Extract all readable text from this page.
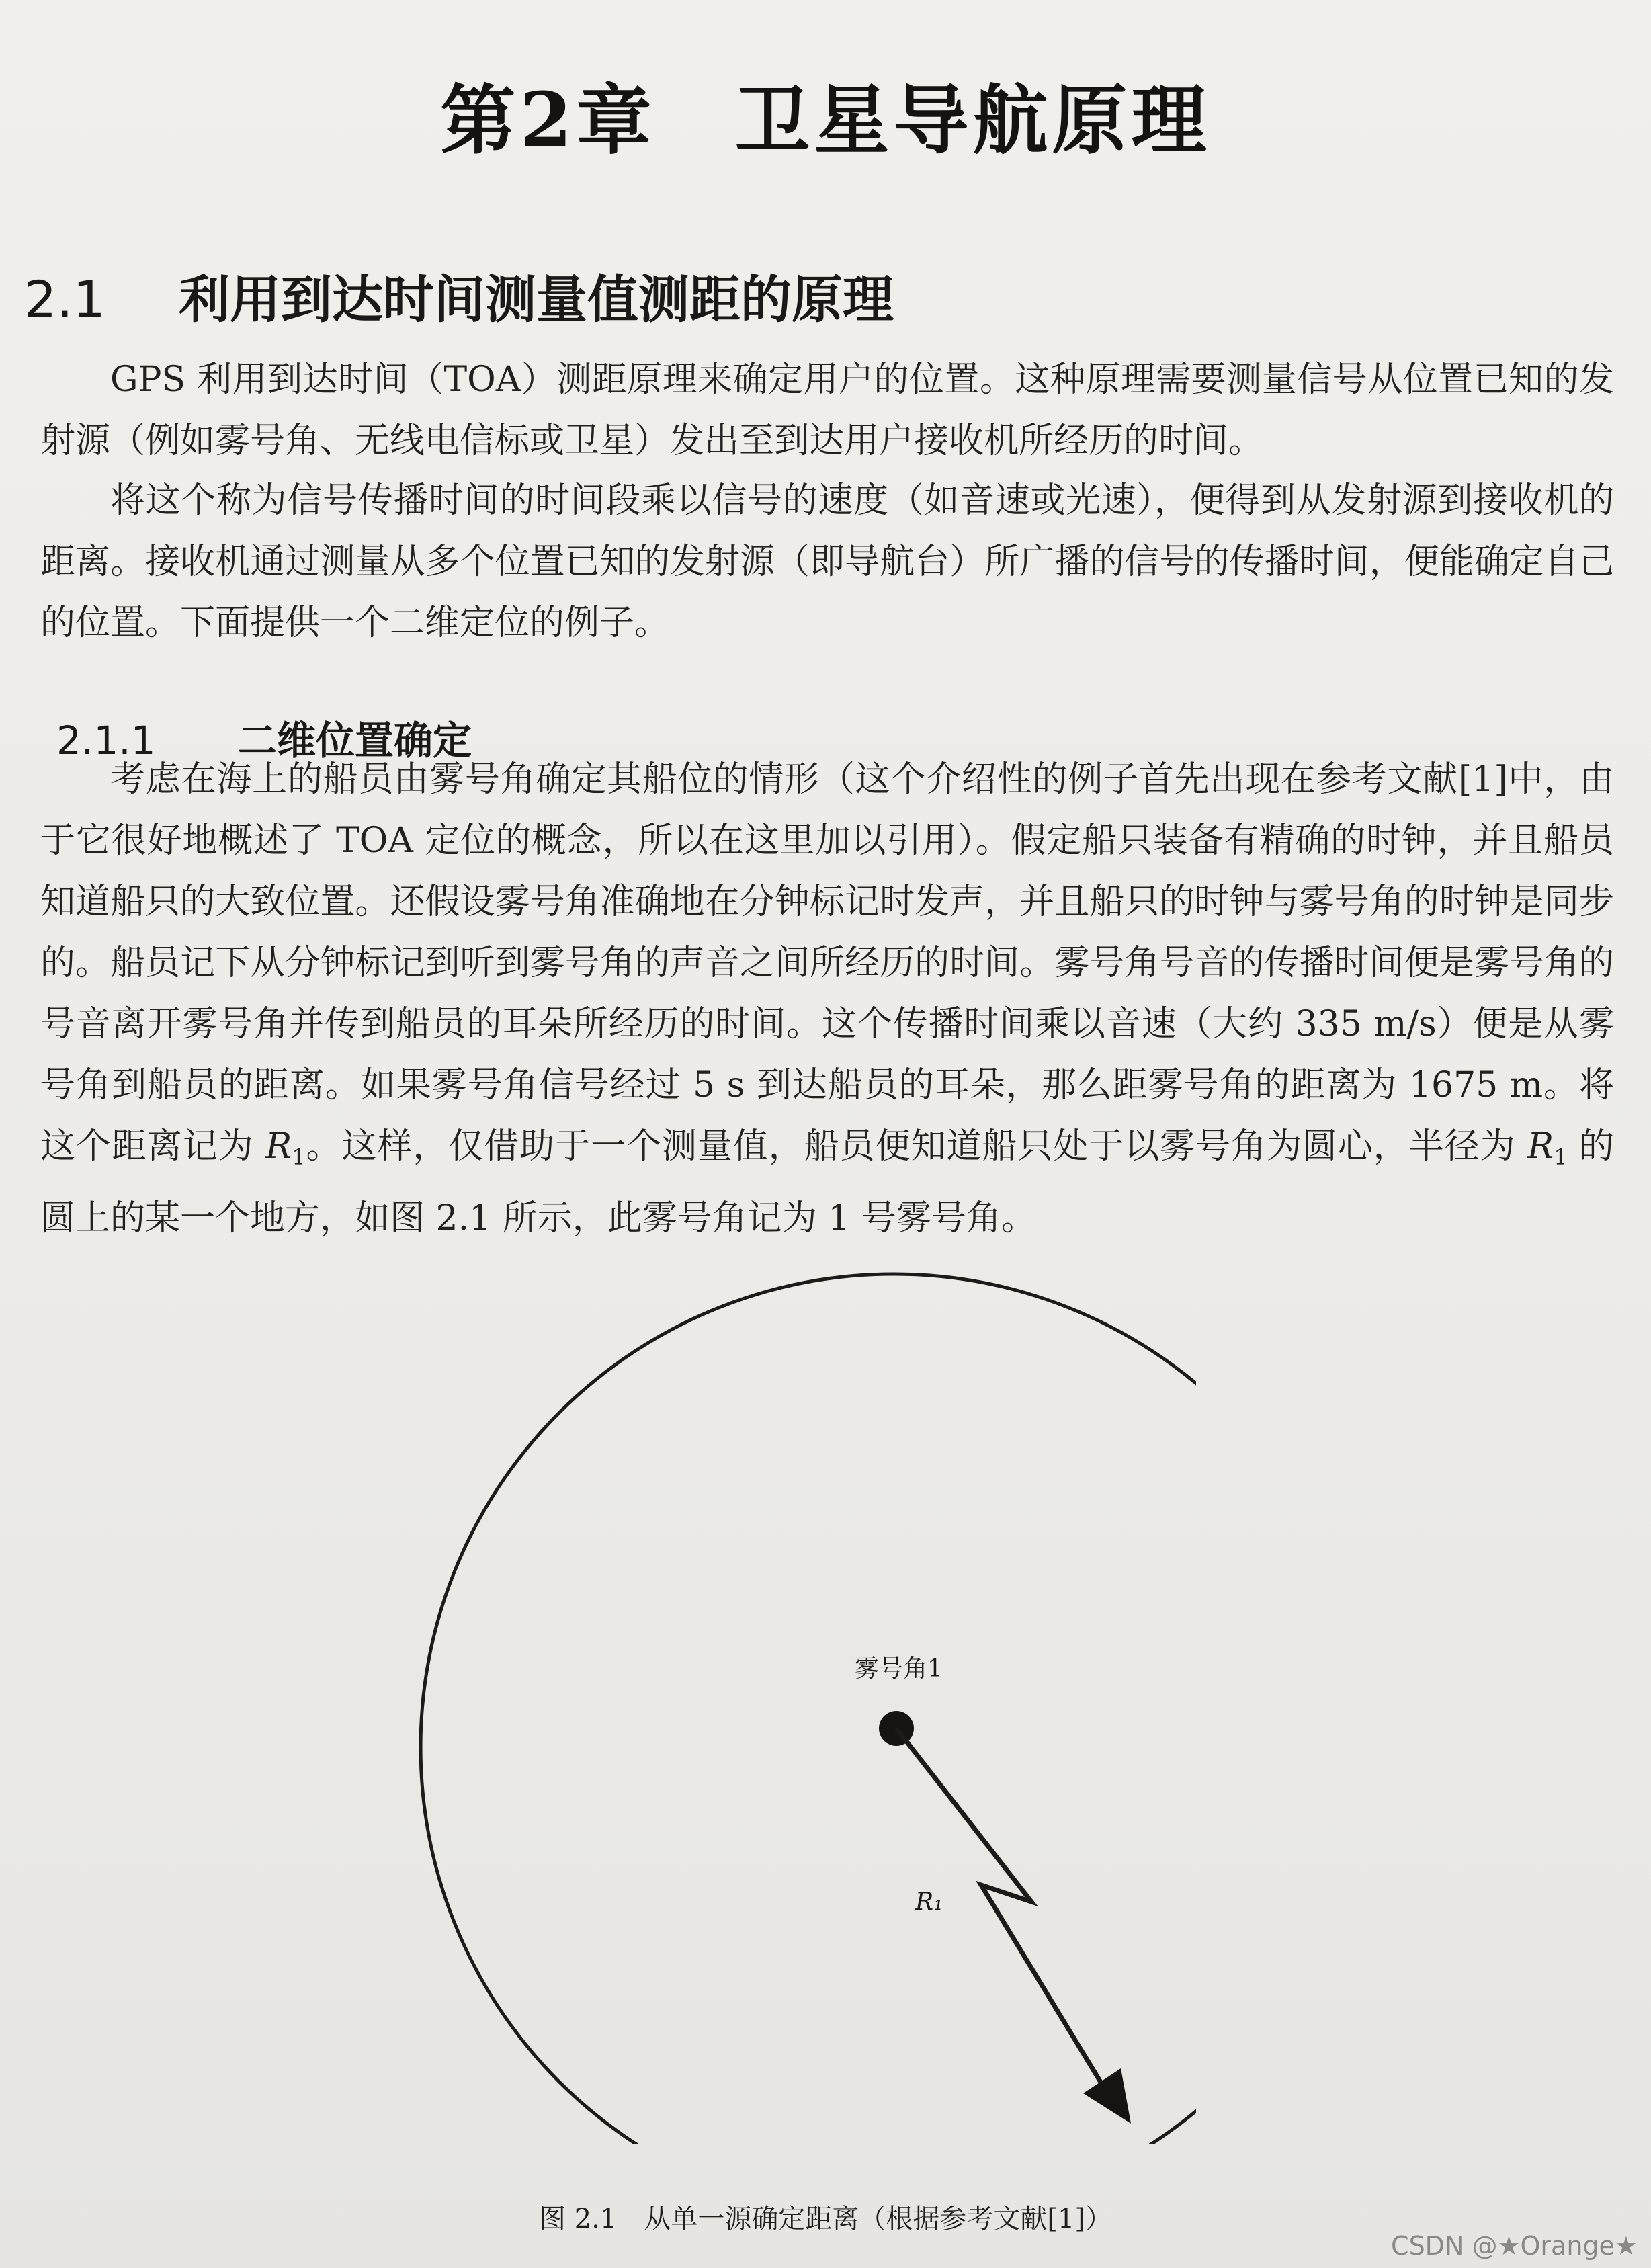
第2章　卫星导航原理
2.1 利用到达时间测量值测距的原理
GPS 利用到达时间（TOA）测距原理来确定用户的位置。这种原理需要测量信号从位置已知的发射源（例如雾号角、无线电信标或卫星）发出至到达用户接收机所经历的时间。
将这个称为信号传播时间的时间段乘以信号的速度（如音速或光速），便得到从发射源到接收机的距离。接收机通过测量从多个位置已知的发射源（即导航台）所广播的信号的传播时间，便能确定自己的位置。下面提供一个二维定位的例子。
2.1.1 二维位置确定
考虑在海上的船员由雾号角确定其船位的情形（这个介绍性的例子首先出现在参考文献[1]中，由于它很好地概述了 TOA 定位的概念，所以在这里加以引用）。假定船只装备有精确的时钟，并且船员知道船只的大致位置。还假设雾号角准确地在分钟标记时发声，并且船只的时钟与雾号角的时钟是同步的。船员记下从分钟标记到听到雾号角的声音之间所经历的时间。雾号角号音的传播时间便是雾号角的号音离开雾号角并传到船员的耳朵所经历的时间。这个传播时间乘以音速（大约 335 m/s）便是从雾号角到船员的距离。如果雾号角信号经过 5 s 到达船员的耳朵，那么距雾号角的距离为 1675 m。将这个距离记为 $R_1$。这样，仅借助于一个测量值，船员便知道船只处于以雾号角为圆心，半径为 $R_1$ 的圆上的某一个地方，如图 2.1 所示，此雾号角记为 1 号雾号角。
雾号角1
R₁
图 2.1　从单一源确定距离（根据参考文献[1]）
CSDN @★Orange★
